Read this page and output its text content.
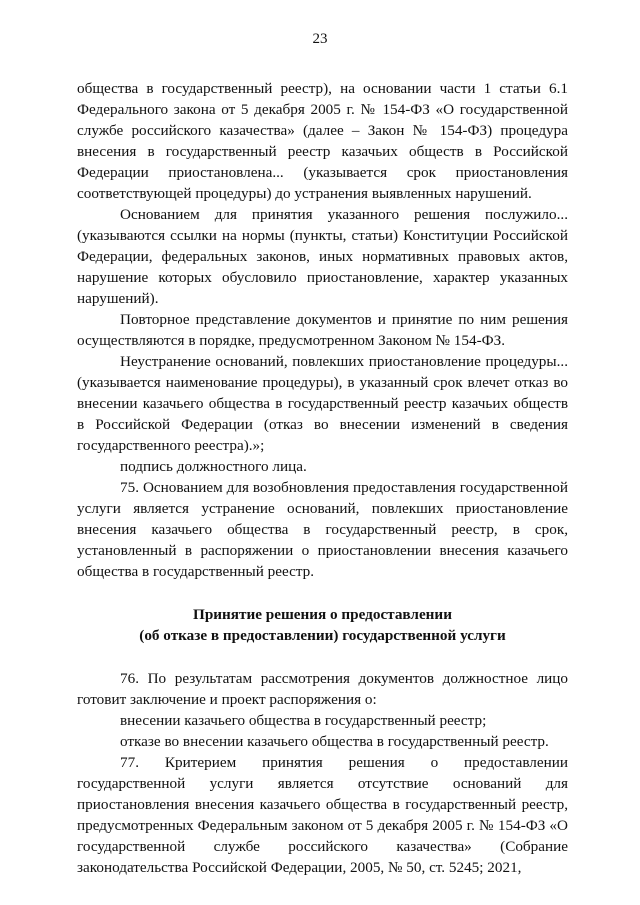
23

общества в государственный реестр), на основании части 1 статьи 6.1 Федерального закона от 5 декабря 2005 г. № 154-ФЗ «О государственной службе российского казачества» (далее – Закон № 154-ФЗ) процедура внесения в государственный реестр казачьих обществ в Российской Федерации приостановлена... (указывается срок приостановления соответствующей процедуры) до устранения выявленных нарушений.

Основанием для принятия указанного решения послужило... (указываются ссылки на нормы (пункты, статьи) Конституции Российской Федерации, федеральных законов, иных нормативных правовых актов, нарушение которых обусловило приостановление, характер указанных нарушений).

Повторное представление документов и принятие по ним решения осуществляются в порядке, предусмотренном Законом № 154-ФЗ.

Неустранение оснований, повлекших приостановление процедуры... (указывается наименование процедуры), в указанный срок влечет отказ во внесении казачьего общества в государственный реестр казачьих обществ в Российской Федерации (отказ во внесении изменений в сведения государственного реестра).»;

подпись должностного лица.

75. Основанием для возобновления предоставления государственной услуги является устранение оснований, повлекших приостановление внесения казачьего общества в государственный реестр, в срок, установленный в распоряжении о приостановлении внесения казачьего общества в государственный реестр.

Принятие решения о предоставлении
(об отказе в предоставлении) государственной услуги

76. По результатам рассмотрения документов должностное лицо готовит заключение и проект распоряжения о:

внесении казачьего общества в государственный реестр;

отказе во внесении казачьего общества в государственный реестр.

77. Критерием принятия решения о предоставлении государственной услуги является отсутствие оснований для приостановления внесения казачьего общества в государственный реестр, предусмотренных Федеральным законом от 5 декабря 2005 г. № 154-ФЗ «О государственной службе российского казачества» (Собрание законодательства Российской Федерации, 2005, № 50, ст. 5245; 2021,
